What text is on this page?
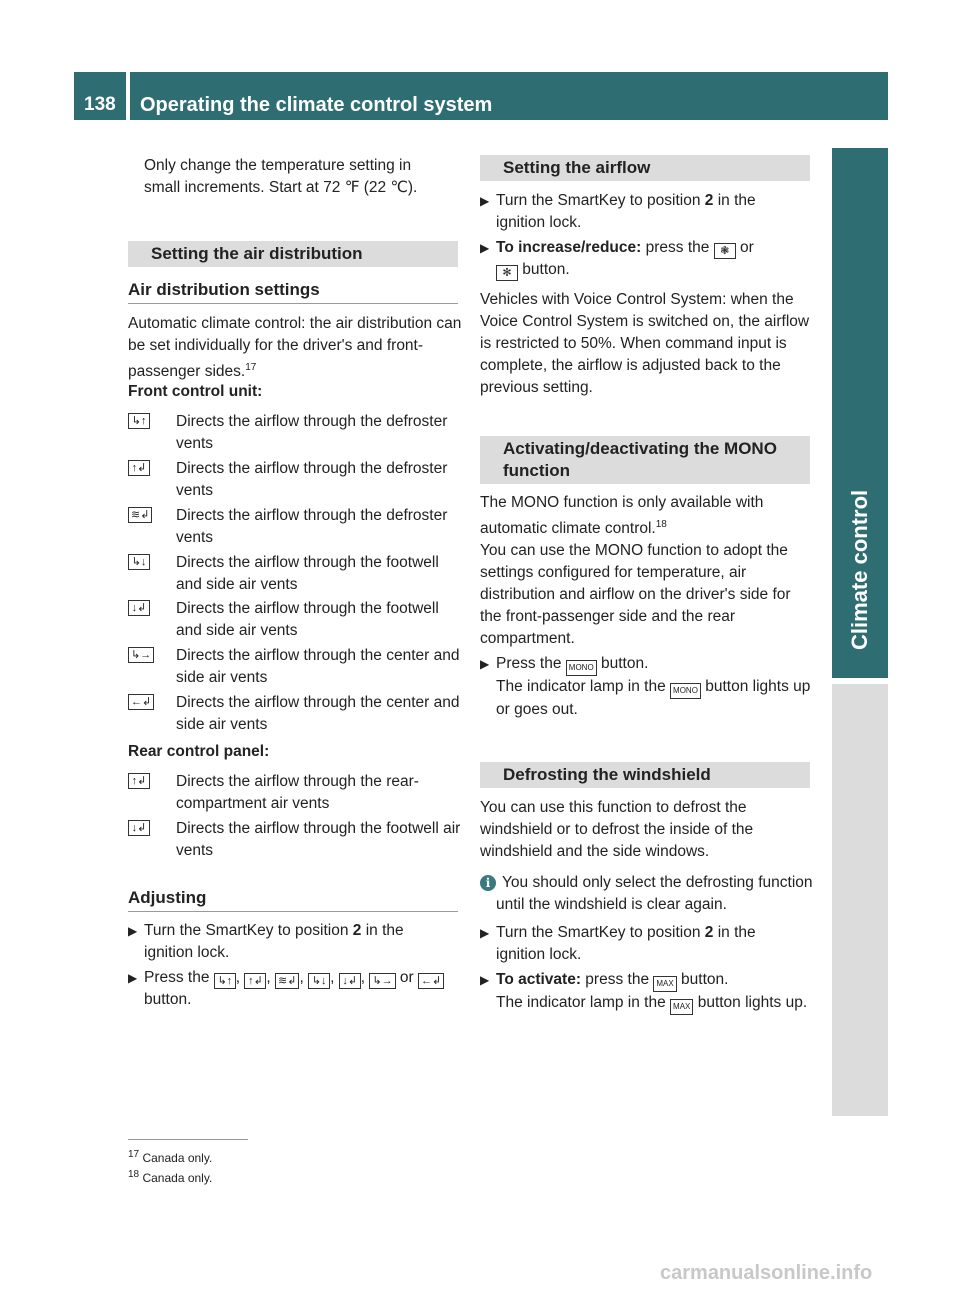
138	Operating the climate control system
Climate control
Only change the temperature setting in small increments. Start at 72 ℉ (22 ℃).
Setting the air distribution
Air distribution settings
Automatic climate control: the air distribution can be set individually for the driver's and front-passenger sides.$^{17}$
Front control unit:
↳↑ Directs the airflow through the defroster vents
↑↲ Directs the airflow through the defroster vents
≋↲ Directs the airflow through the defroster vents
↳↓ Directs the airflow through the footwell and side air vents
↓↲ Directs the airflow through the footwell and side air vents
↳→ Directs the airflow through the center and side air vents
←↲ Directs the airflow through the center and side air vents
Rear control panel:
↑↲ Directs the airflow through the rear-compartment air vents
↓↲ Directs the airflow through the footwell air vents
Adjusting
▶ Turn the SmartKey to position 2 in the ignition lock.
▶ Press the ↳↑ , ↑↲ , ≋↲ , ↳↓ , ↓↲ , ↳→ or ←↲ button.
Setting the airflow
▶ Turn the SmartKey to position 2 in the ignition lock.
▶ To increase/reduce: press the ❃ or
✻ button.
Vehicles with Voice Control System: when the Voice Control System is switched on, the airflow is restricted to 50%. When command input is complete, the airflow is adjusted back to the previous setting.
Activating/deactivating the MONO
function
The MONO function is only available with automatic climate control.$^{18}$
You can use the MONO function to adopt the settings configured for temperature, air distribution and airflow on the driver's side for the front-passenger side and the rear compartment.
▶ Press the MONO button.
The indicator lamp in the MONO button lights up or goes out.
Defrosting the windshield
You can use this function to defrost the windshield or to defrost the inside of the windshield and the side windows.
i You should only select the defrosting function until the windshield is clear again.
▶ Turn the SmartKey to position 2 in the ignition lock.
▶ To activate: press the MAX button.
The indicator lamp in the MAX button lights up.
$^{17}$ Canada only.
$^{18}$ Canada only.
carmanualsonline.info
